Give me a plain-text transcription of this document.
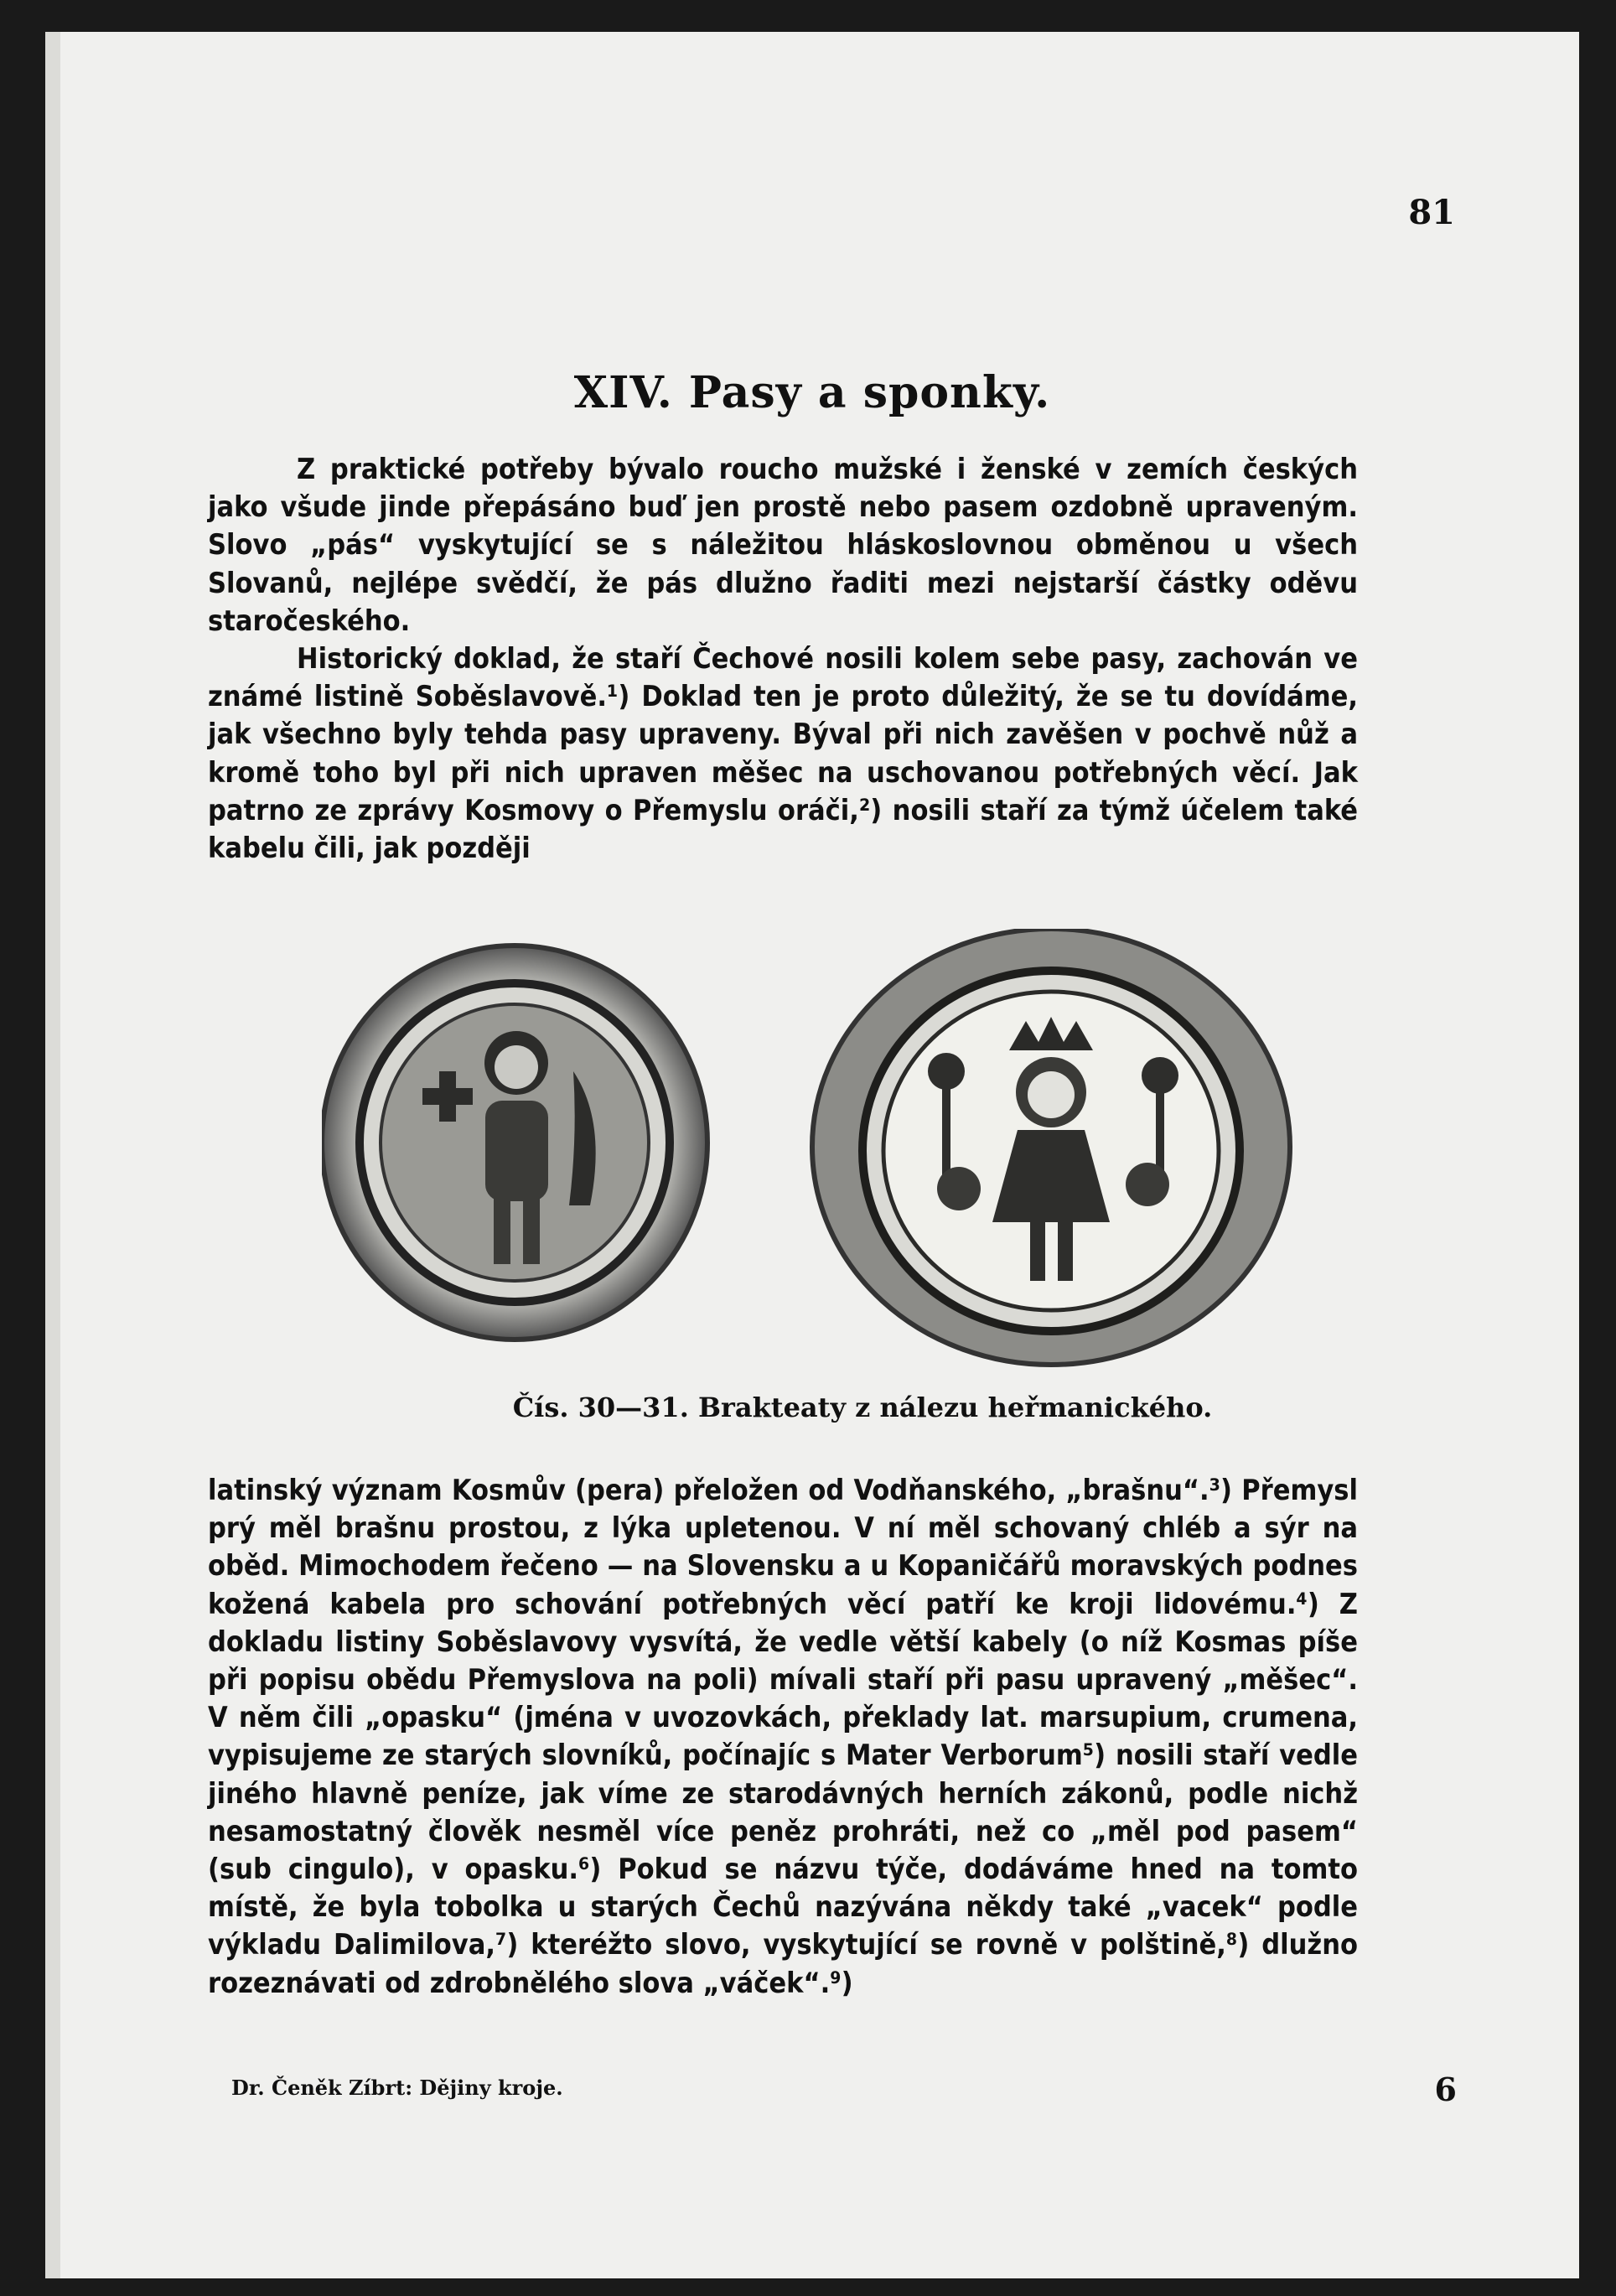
81
XIV. Pasy a sponky.

Z praktické potřeby bývalo roucho mužské i ženské v zemích českých jako všude jinde přepásáno buď jen prostě nebo pasem ozdobně upraveným. Slovo „pás“ vyskytující se s náležitou hláskoslovnou obměnou u všech Slovanů, nejlépe svědčí, že pás dlužno řaditi mezi nejstarší částky oděvu staročeského.

Historický doklad, že staří Čechové nosili kolem sebe pasy, zachován ve známé listině Soběslavově.¹) Doklad ten je proto důležitý, že se tu dovídáme, jak všechno byly tehda pasy upraveny. Býval při nich zavěšen v pochvě nůž a kromě toho byl při nich upraven měšec na uschovanou potřebných věcí. Jak patrno ze zprávy Kosmovy o Přemyslu oráči,²) nosili staří za týmž účelem také kabelu čili, jak později

Čís. 30—31. Brakteaty z nálezu heřmanického.

latinský význam Kosmův (pera) přeložen od Vodňanského, „brašnu“.³) Přemysl prý měl brašnu prostou, z lýka upletenou. V ní měl schovaný chléb a sýr na oběd. Mimochodem řečeno — na Slovensku a u Kopaničářů moravských podnes kožená kabela pro schování potřebných věcí patří ke kroji lidovému.⁴) Z dokladu listiny Soběslavovy vysvítá, že vedle větší kabely (o níž Kosmas píše při popisu obědu Přemyslova na poli) mívali staří při pasu upravený „měšec“. V něm čili „opasku“ (jména v uvozovkách, překlady lat. marsupium, crumena, vypisujeme ze starých slovníků, počínajíc s Mater Verborum⁵) nosili staří vedle jiného hlavně peníze, jak víme ze starodávných herních zákonů, podle nichž nesamostatný člověk nesměl více peněz prohráti, než co „měl pod pasem“ (sub cingulo), v opasku.⁶) Pokud se názvu týče, dodáváme hned na tomto místě, že byla tobolka u starých Čechů nazývána někdy také „vacek“ podle výkladu Dalimilova,⁷) kteréžto slovo, vyskytující se rovně v polštině,⁸) dlužno rozeznávati od zdrobnělého slova „váček“.⁹)

Dr. Čeněk Zíbrt: Dějiny kroje.	6
